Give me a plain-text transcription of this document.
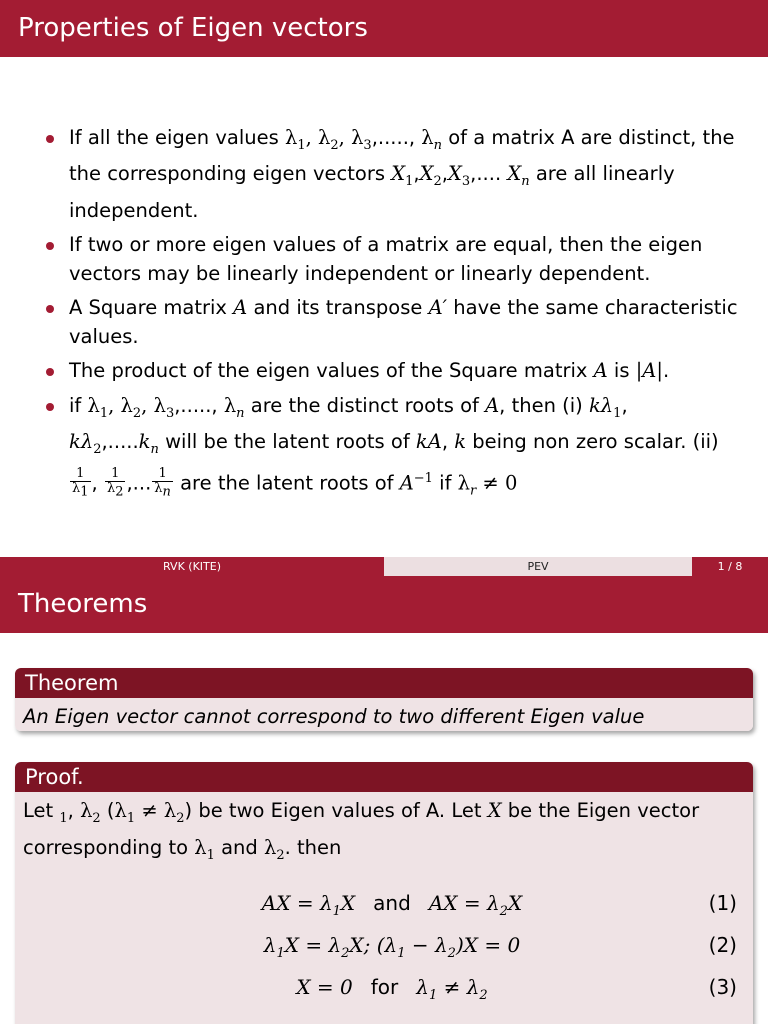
Properties of Eigen vectors
If all the eigen values $\lambda_1$, $\lambda_2$, $\lambda_3$,....., $\lambda_n$ of a matrix A are distinct, the the corresponding eigen vectors $X_1,X_2,X_3$,.... $X_n$ are all linearly independent.
If two or more eigen values of a matrix are equal, then the eigen vectors may be linearly independent or linearly dependent.
A Square matrix A and its transpose A′ have the same characteristic values.
The product of the eigen values of the Square matrix A is |A|.
if $\lambda_1$, $\lambda_2$, $\lambda_3$,....., $\lambda_n$ are the distinct roots of A, then (i) $k\lambda_1$,
$k\lambda_2,.....k_n$ will be the latent roots of kA, k being non zero scalar. (ii)

$\frac{1}{\lambda_1}$ , $\frac{1}{\lambda_2}$ ,... $\frac{1}{\lambda_n}$ are the latent roots of $A^{-1}$ if $\lambda_r \ne 0$
RVK (KITE)	PEV	1 / 8
Theorems
Theorem
An Eigen vector cannot correspond to two different Eigen value
Proof.
Let $_1$, $\lambda_2$ $(\lambda_1 \ne \lambda_2)$ be two Eigen values of A. Let X be the Eigen vector corresponding to $\lambda_1$ and $\lambda_2$. then
AX = $\lambda_1X$ and AX = $\lambda_2X$	(1)
$\lambda_1X = \lambda_2X$; $(\lambda_1 - \lambda_2)X = 0$	(2)
X = 0 for $\lambda_1 \ne \lambda_2$	(3)
